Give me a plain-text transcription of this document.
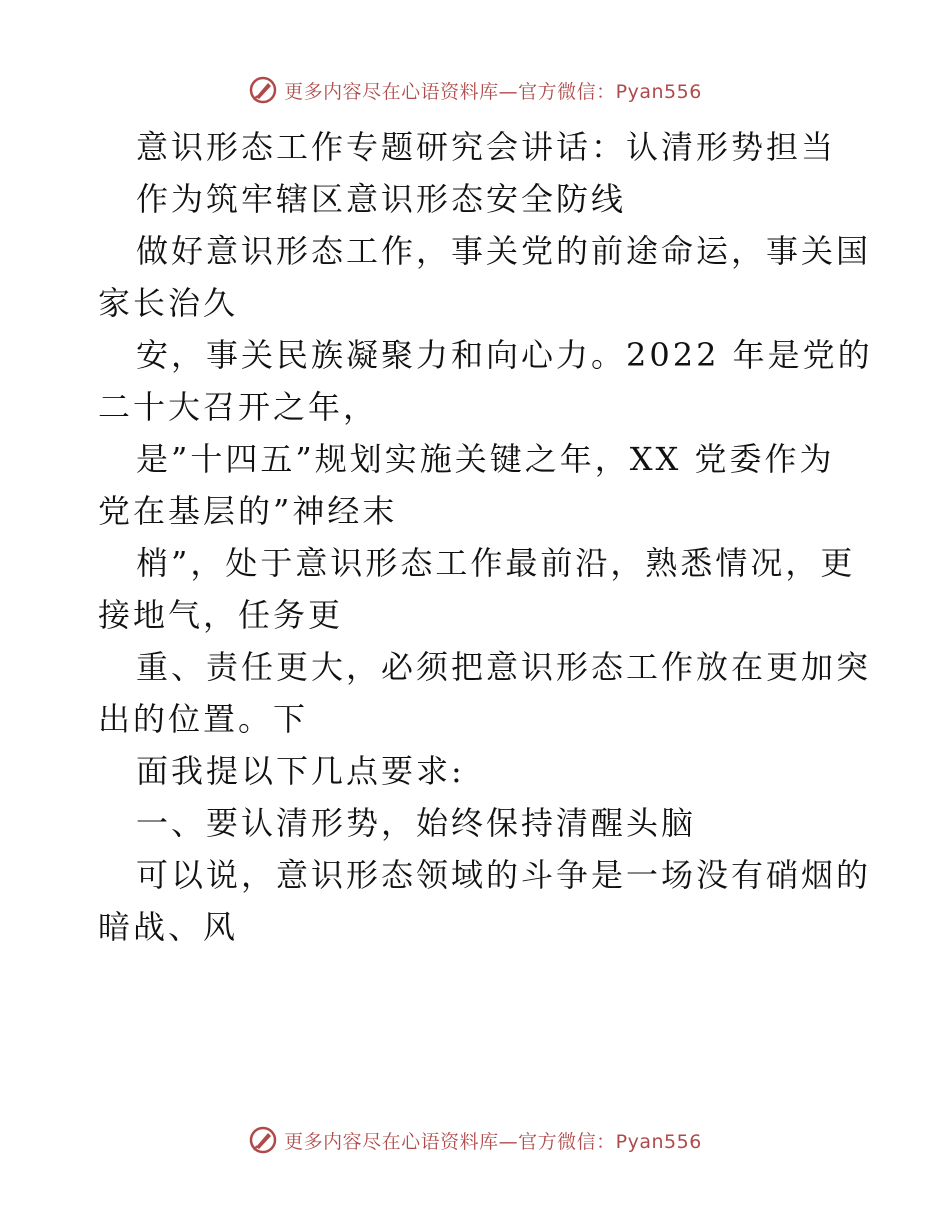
更多内容尽在心语资料库—官方微信：Pyan556
意识形态工作专题研究会讲话：认清形势担当
作为筑牢辖区意识形态安全防线
做好意识形态工作，事关党的前途命运，事关国
家长治久
安，事关民族凝聚力和向心力。2022 年是党的
二十大召开之年，
是”十四五”规划实施关键之年，XX 党委作为
党在基层的”神经末
梢”，处于意识形态工作最前沿，熟悉情况，更
接地气，任务更
重、责任更大，必须把意识形态工作放在更加突
出的位置。下
面我提以下几点要求:
一、要认清形势，始终保持清醒头脑
可以说，意识形态领域的斗争是一场没有硝烟的
暗战、风
更多内容尽在心语资料库—官方微信：Pyan556
